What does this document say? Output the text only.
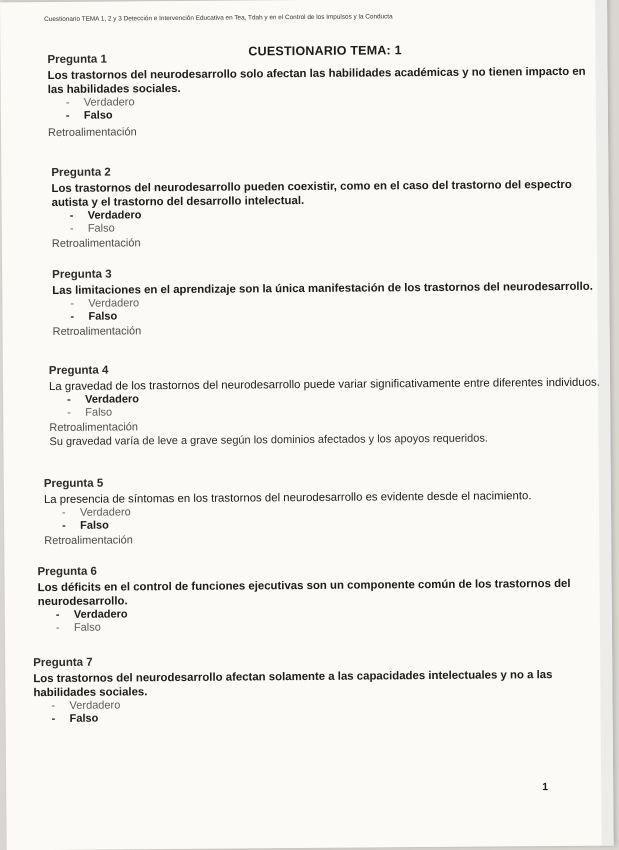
Cuestionario TEMA 1, 2 y 3 Detección e Intervención Educativa en Tea, Tdah y en el Control de los Impulsos y la Conducta
CUESTIONARIO TEMA: 1
Pregunta 1
Los trastornos del neurodesarrollo solo afectan las habilidades académicas y no tienen impacto en las habilidades sociales.
-	Verdadero
-	Falso
Retroalimentación
Pregunta 2
Los trastornos del neurodesarrollo pueden coexistir, como en el caso del trastorno del espectro autista y el trastorno del desarrollo intelectual.
-	Verdadero
-	Falso
Retroalimentación
Pregunta 3
Las limitaciones en el aprendizaje son la única manifestación de los trastornos del neurodesarrollo.
-	Verdadero
-	Falso
Retroalimentación
Pregunta 4
La gravedad de los trastornos del neurodesarrollo puede variar significativamente entre diferentes individuos.
-	Verdadero
-	Falso
Retroalimentación
Su gravedad varía de leve a grave según los dominios afectados y los apoyos requeridos.
Pregunta 5
La presencia de síntomas en los trastornos del neurodesarrollo es evidente desde el nacimiento.
-	Verdadero
-	Falso
Retroalimentación
Pregunta 6
Los déficits en el control de funciones ejecutivas son un componente común de los trastornos del neurodesarrollo.
-	Verdadero
-	Falso
Pregunta 7
Los trastornos del neurodesarrollo afectan solamente a las capacidades intelectuales y no a las habilidades sociales.
-	Verdadero
-	Falso
1
